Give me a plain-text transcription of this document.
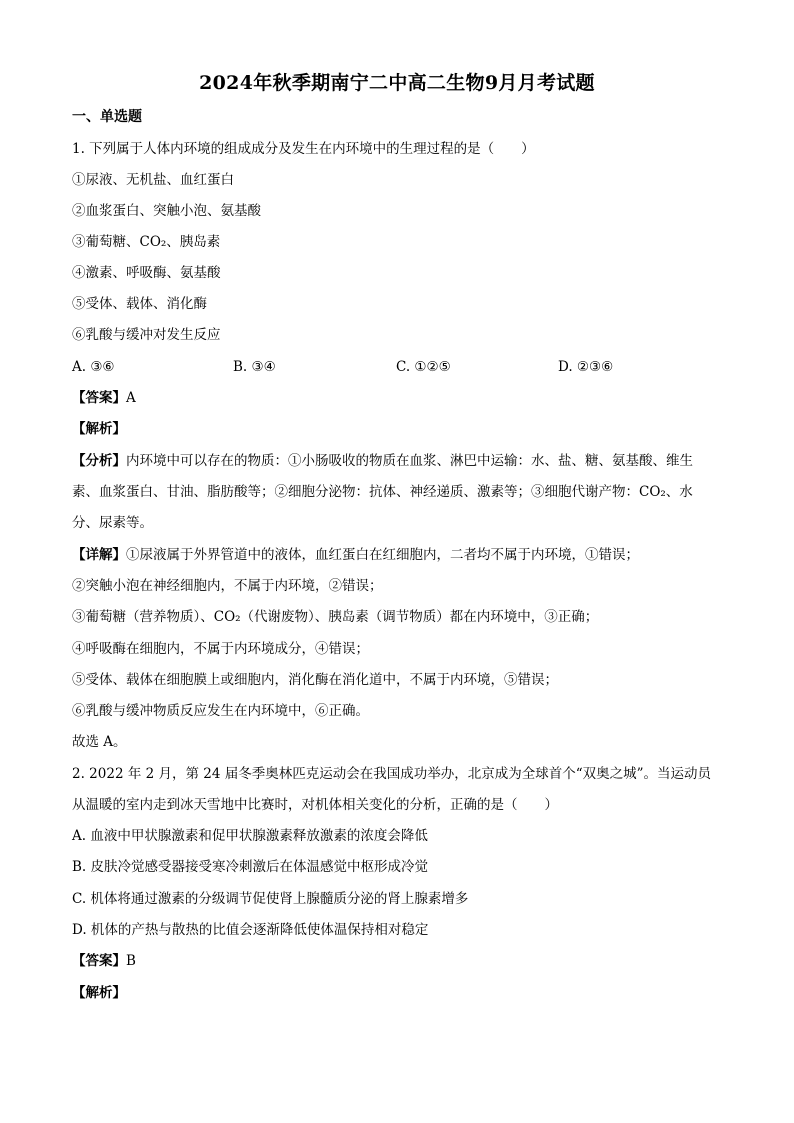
2024年秋季期南宁二中高二生物9月月考试题
一、单选题
1. 下列属于人体内环境的组成成分及发生在内环境中的生理过程的是（　　）
①尿液、无机盐、血红蛋白
②血浆蛋白、突触小泡、氨基酸
③葡萄糖、CO₂、胰岛素
④激素、呼吸酶、氨基酸
⑤受体、载体、消化酶
⑥乳酸与缓冲对发生反应
A. ③⑥	B. ③④	C. ①②⑤	D. ②③⑥
【答案】A
【解析】
【分析】内环境中可以存在的物质：①小肠吸收的物质在血浆、淋巴中运输：水、盐、糖、氨基酸、维生
素、血浆蛋白、甘油、脂肪酸等；②细胞分泌物：抗体、神经递质、激素等；③细胞代谢产物：CO₂、水
分、尿素等。
【详解】①尿液属于外界管道中的液体，血红蛋白在红细胞内，二者均不属于内环境，①错误；
②突触小泡在神经细胞内，不属于内环境，②错误；
③葡萄糖（营养物质）、CO₂（代谢废物）、胰岛素（调节物质）都在内环境中，③正确；
④呼吸酶在细胞内，不属于内环境成分，④错误；
⑤受体、载体在细胞膜上或细胞内，消化酶在消化道中，不属于内环境，⑤错误；
⑥乳酸与缓冲物质反应发生在内环境中，⑥正确。
故选 A。
2. 2022 年 2 月，第 24 届冬季奥林匹克运动会在我国成功举办，北京成为全球首个“双奥之城”。当运动员
从温暖的室内走到冰天雪地中比赛时，对机体相关变化的分析，正确的是（　　）
A. 血液中甲状腺激素和促甲状腺激素释放激素的浓度会降低
B. 皮肤冷觉感受器接受寒冷刺激后在体温感觉中枢形成冷觉
C. 机体将通过激素的分级调节促使肾上腺髓质分泌的肾上腺素增多
D. 机体的产热与散热的比值会逐渐降低使体温保持相对稳定
【答案】B
【解析】
